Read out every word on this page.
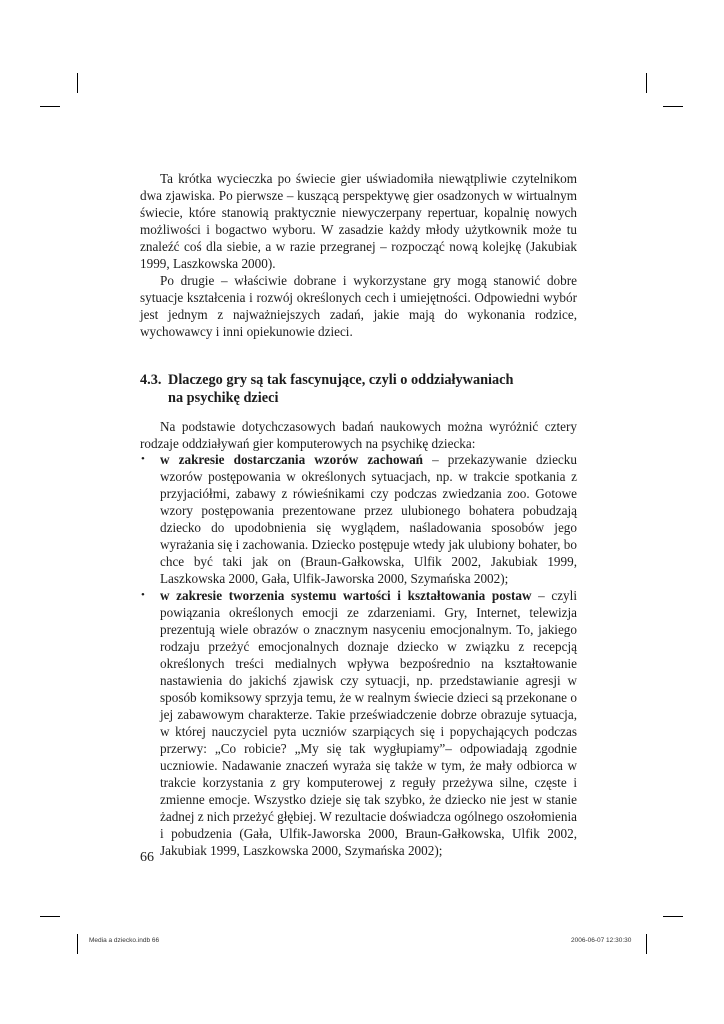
Ta krótka wycieczka po świecie gier uświadomiła niewątpliwie czytelnikom dwa zjawiska. Po pierwsze – kuszącą perspektywę gier osadzonych w wirtualnym świecie, które stanowią praktycznie niewyczerpany repertuar, kopalnię nowych możliwości i bogactwo wyboru. W zasadzie każdy młody użytkownik może tu znaleźć coś dla siebie, a w razie przegranej – rozpocząć nową kolejkę (Jakubiak 1999, Laszkowska 2000).

Po drugie – właściwie dobrane i wykorzystane gry mogą stanowić dobre sytuacje kształcenia i rozwój określonych cech i umiejętności. Odpowiedni wybór jest jednym z najważniejszych zadań, jakie mają do wykonania rodzice, wychowawcy i inni opiekunowie dzieci.

4.3. Dlaczego gry są tak fascynujące, czyli o oddziaływaniach
na psychikę dzieci

Na podstawie dotychczasowych badań naukowych można wyróżnić cztery rodzaje oddziaływań gier komputerowych na psychikę dziecka:

• w zakresie dostarczania wzorów zachowań – przekazywanie dziecku wzorów postępowania w określonych sytuacjach, np. w trakcie spotkania z przyjaciółmi, zabawy z rówieśnikami czy podczas zwiedzania zoo. Gotowe wzory postępowania prezentowane przez ulubionego bohatera pobudzają dziecko do upodobnienia się wyglądem, naśladowania sposobów jego wyrażania się i zachowania. Dziecko postępuje wtedy jak ulubiony bohater, bo chce być taki jak on (Braun-Gałkowska, Ulfik 2002, Jakubiak 1999, Laszkowska 2000, Gała, Ulfik-Jaworska 2000, Szymańska 2002);
• w zakresie tworzenia systemu wartości i kształtowania postaw – czyli powiązania określonych emocji ze zdarzeniami. Gry, Internet, telewizja prezentują wiele obrazów o znacznym nasyceniu emocjonalnym. To, jakiego rodzaju przeżyć emocjonalnych doznaje dziecko w związku z recepcją określonych treści medialnych wpływa bezpośrednio na kształtowanie nastawienia do jakichś zjawisk czy sytuacji, np. przedstawianie agresji w sposób komiksowy sprzyja temu, że w realnym świecie dzieci są przekonane o jej zabawowym charakterze. Takie przeświadczenie dobrze obrazuje sytuacja, w której nauczyciel pyta uczniów szarpiących się i popychających podczas przerwy: „Co robicie? „My się tak wygłupiamy”– odpowiadają zgodnie uczniowie. Nadawanie znaczeń wyraża się także w tym, że mały odbiorca w trakcie korzystania z gry komputerowej z reguły przeżywa silne, częste i zmienne emocje. Wszystko dzieje się tak szybko, że dziecko nie jest w stanie żadnej z nich przeżyć głębiej. W rezultacie doświadcza ogólnego oszołomienia i pobudzenia (Gała, Ulfik-Jaworska 2000, Braun-Gałkowska, Ulfik 2002, Jakubiak 1999, Laszkowska 2000, Szymańska 2002);
66
Media a dziecko.indb 66	2006-06-07 12:30:30
